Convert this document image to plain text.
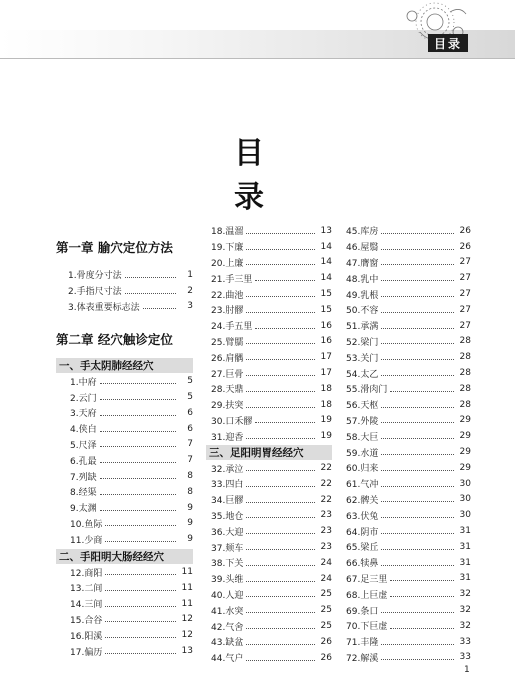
目录
目 录
第一章 腧穴定位方法
1.骨度分寸法	1
2.手指尺寸法	2
3.体表重要标志法	3
第二章 经穴触诊定位
一、手太阴肺经经穴
1.中府	5
2.云门	5
3.天府	6
4.侠白	6
5.尺泽	7
6.孔最	7
7.列缺	8
8.经渠	8
9.太渊	9
10.鱼际	9
11.少商	9
二、手阳明大肠经经穴
12.商阳	11
13.二间	11
14.三间	11
15.合谷	12
16.阳溪	12
17.偏历	13
18.温溜	13
19.下廉	14
20.上廉	14
21.手三里	14
22.曲池	15
23.肘髎	15
24.手五里	16
25.臂臑	16
26.肩髃	17
27.巨骨	17
28.天鼎	18
29.扶突	18
30.口禾髎	19
31.迎香	19
三、足阳明胃经经穴
32.承泣	22
33.四白	22
34.巨髎	22
35.地仓	23
36.大迎	23
37.颊车	23
38.下关	24
39.头维	24
40.人迎	25
41.水突	25
42.气舍	25
43.缺盆	26
44.气户	26
45.库房	26
46.屋翳	26
47.膺窗	27
48.乳中	27
49.乳根	27
50.不容	27
51.承满	27
52.梁门	28
53.关门	28
54.太乙	28
55.滑肉门	28
56.天枢	28
57.外陵	29
58.大巨	29
59.水道	29
60.归来	29
61.气冲	30
62.髀关	30
63.伏兔	30
64.阴市	31
65.梁丘	31
66.犊鼻	31
67.足三里	31
68.上巨虚	32
69.条口	32
70.下巨虚	32
71.丰隆	33
72.解溪	33
1
